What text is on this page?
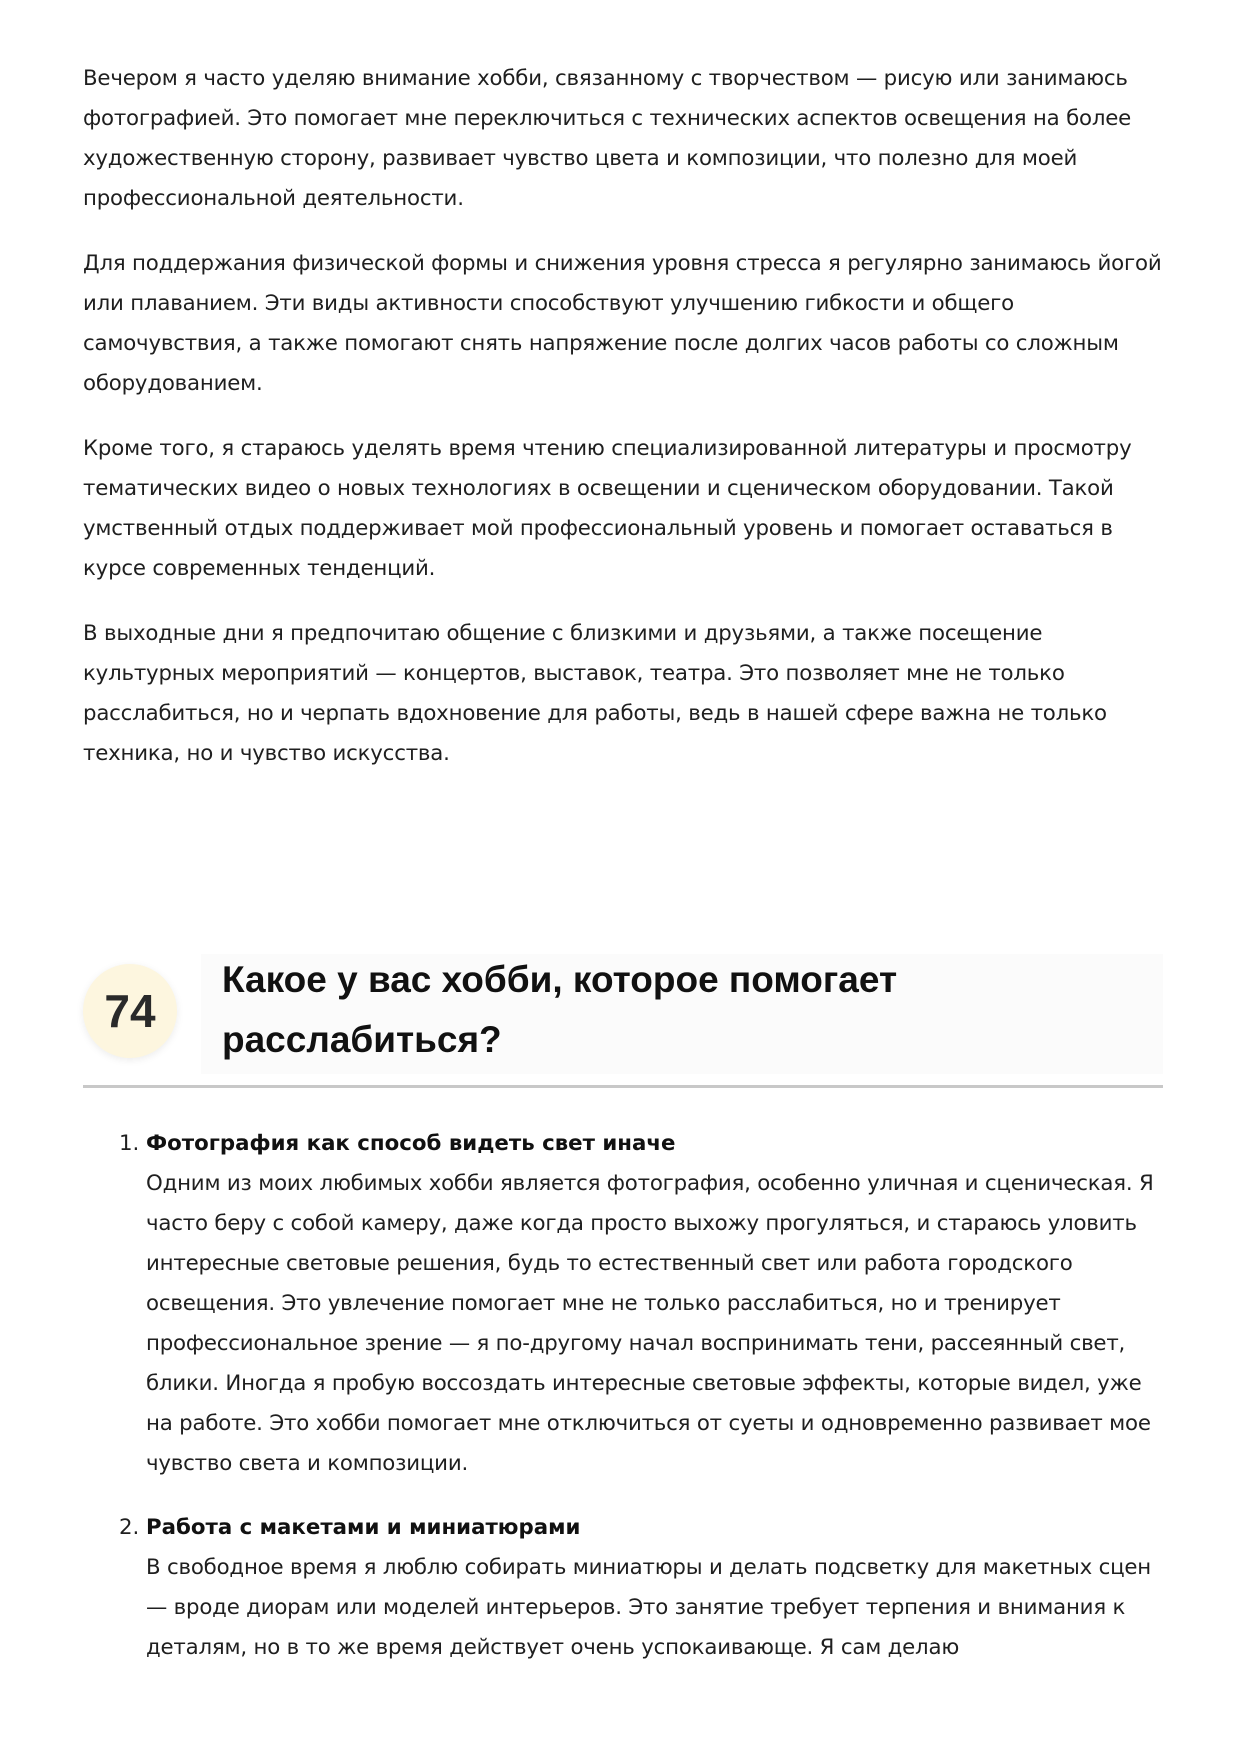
Вечером я часто уделяю внимание хобби, связанному с творчеством — рисую или занимаюсь фотографией. Это помогает мне переключиться с технических аспектов освещения на более художественную сторону, развивает чувство цвета и композиции, что полезно для моей профессиональной деятельности.

Для поддержания физической формы и снижения уровня стресса я регулярно занимаюсь йогой или плаванием. Эти виды активности способствуют улучшению гибкости и общего самочувствия, а также помогают снять напряжение после долгих часов работы со сложным оборудованием.

Кроме того, я стараюсь уделять время чтению специализированной литературы и просмотру тематических видео о новых технологиях в освещении и сценическом оборудовании. Такой умственный отдых поддерживает мой профессиональный уровень и помогает оставаться в курсе современных тенденций.

В выходные дни я предпочитаю общение с близкими и друзьями, а также посещение культурных мероприятий — концертов, выставок, театра. Это позволяет мне не только расслабиться, но и черпать вдохновение для работы, ведь в нашей сфере важна не только техника, но и чувство искусства.

74
Какое у вас хобби, которое помогает расслабиться?
1. Фотография как способ видеть свет иначе

Одним из моих любимых хобби является фотография, особенно уличная и сценическая. Я часто беру с собой камеру, даже когда просто выхожу прогуляться, и стараюсь уловить интересные световые решения, будь то естественный свет или работа городского освещения. Это увлечение помогает мне не только расслабиться, но и тренирует профессиональное зрение — я по-другому начал воспринимать тени, рассеянный свет, блики. Иногда я пробую воссоздать интересные световые эффекты, которые видел, уже на работе. Это хобби помогает мне отключиться от суеты и одновременно развивает мое чувство света и композиции.

2. Работа с макетами и миниатюрами

В свободное время я люблю собирать миниатюры и делать подсветку для макетных сцен — вроде диорам или моделей интерьеров. Это занятие требует терпения и внимания к деталям, но в то же время действует очень успокаивающе. Я сам делаю
